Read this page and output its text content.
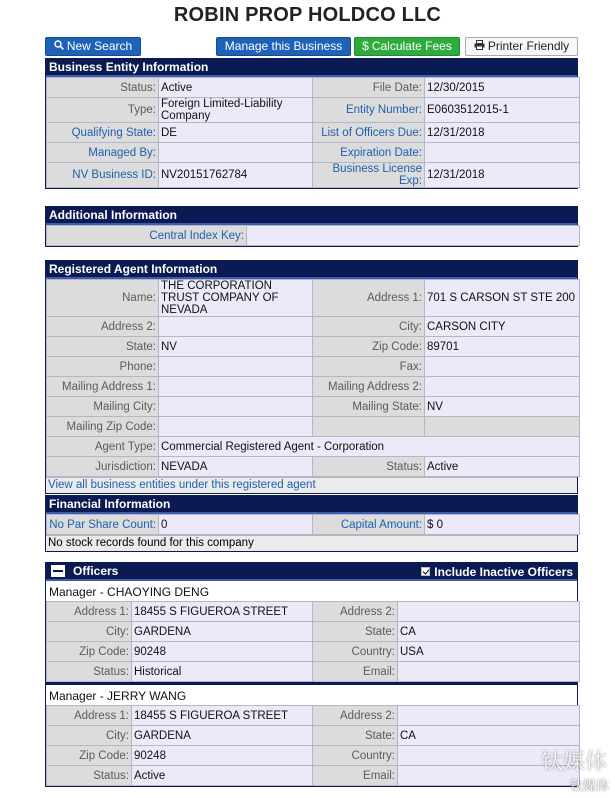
ROBIN PROP HOLDCO LLC
New Search	Manage this Business	$ Calculate Fees	Printer Friendly
Business Entity Information
Status:	Active	File Date:	12/30/2015
Type:	Foreign Limited-Liability Company	Entity Number:	E0603512015-1
Qualifying State:	DE	List of Officers Due:	12/31/2018
Managed By:		Expiration Date:	
NV Business ID:	NV20151762784	Business License Exp:	12/31/2018
Additional Information
Central Index Key:	
Registered Agent Information
Name:	THE CORPORATION TRUST COMPANY OF NEVADA	Address 1:	701 S CARSON ST STE 200
Address 2:		City:	CARSON CITY
State:	NV	Zip Code:	89701
Phone:		Fax:	
Mailing Address 1:		Mailing Address 2:	
Mailing City:		Mailing State:	NV
Mailing Zip Code:			
Agent Type:	Commercial Registered Agent - Corporation		
Jurisdiction:	NEVADA	Status:	Active
View all business entities under this registered agent
Financial Information
No Par Share Count:	0	Capital Amount:	$ 0
No stock records found for this company
Officers	Include Inactive Officers
Manager - CHAOYING DENG
Address 1:	18455 S FIGUEROA STREET	Address 2:	
City:	GARDENA	State:	CA
Zip Code:	90248	Country:	USA
Status:	Historical	Email:	
Manager - JERRY WANG
Address 1:	18455 S FIGUEROA STREET	Address 2:	
City:	GARDENA	State:	CA
Zip Code:	90248	Country:	
Status:	Active	Email:	
钛媒体
钛媒体
